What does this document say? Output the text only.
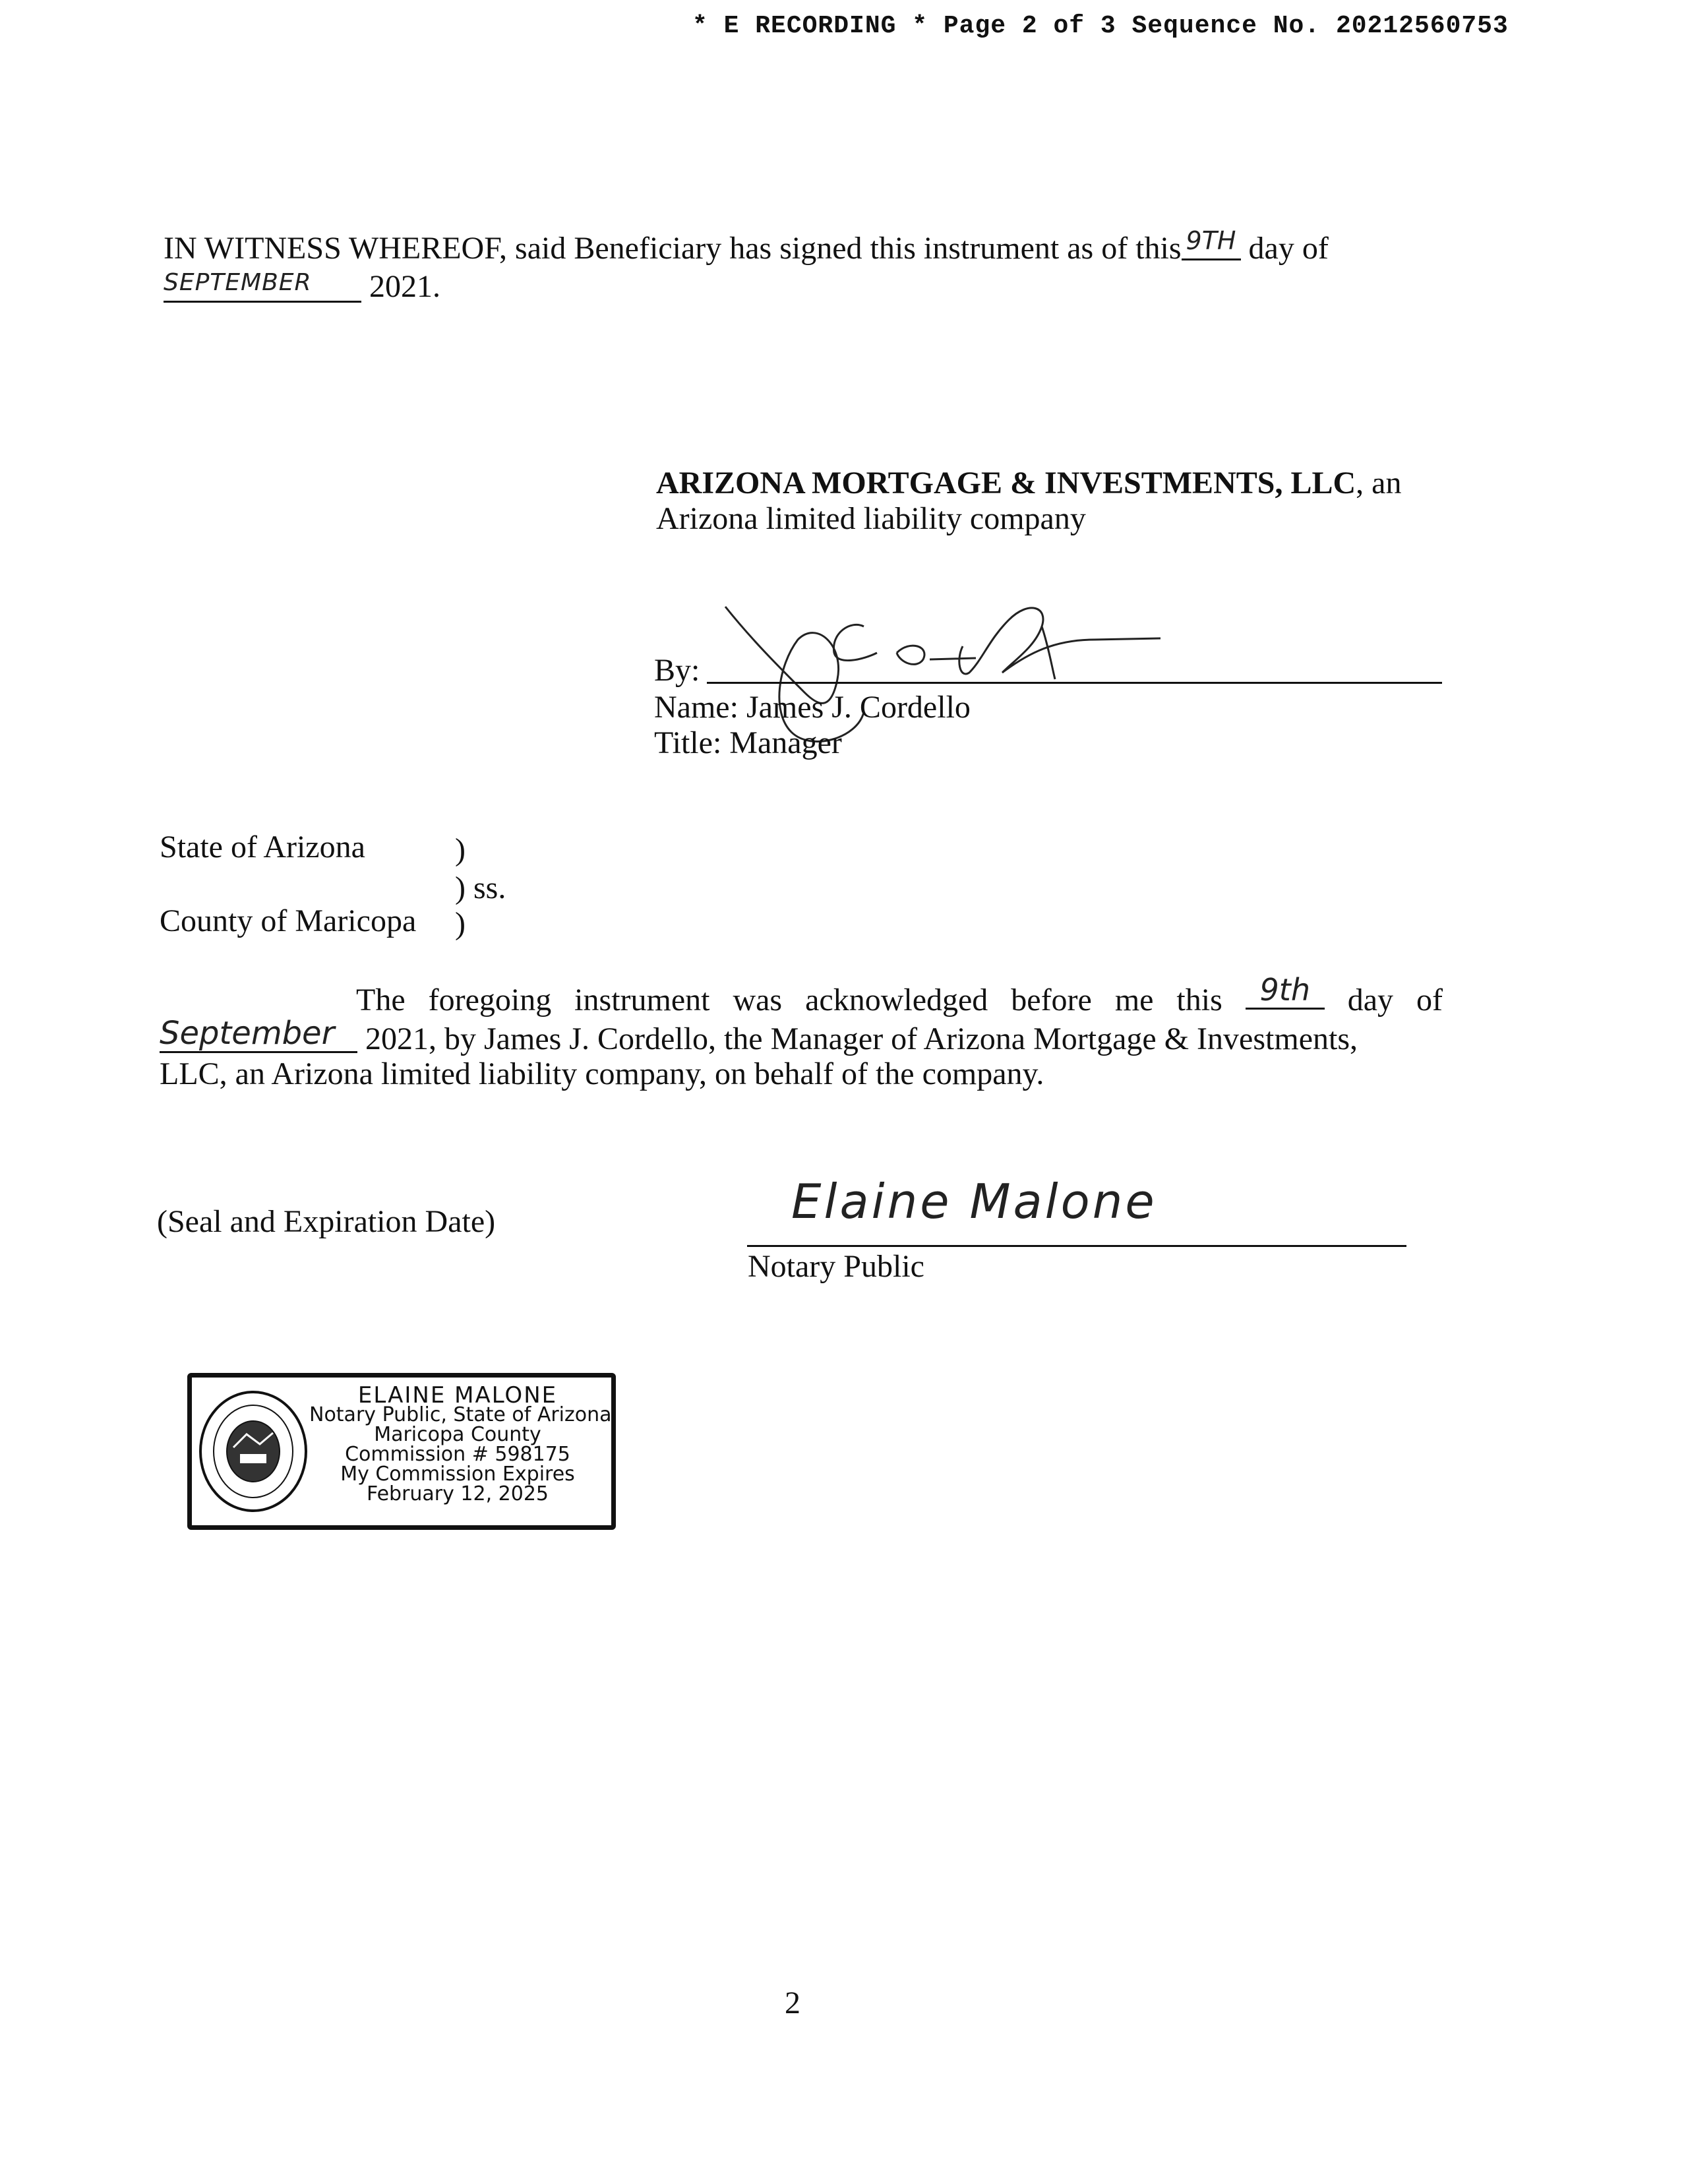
* E RECORDING * Page 2 of 3 Sequence No. 20212560753
IN WITNESS WHEREOF, said Beneficiary has signed this instrument as of this 9TH day of
SEPTEMBER 2021.
ARIZONA MORTGAGE & INVESTMENTS, LLC, an
Arizona limited liability company
By:
Name: James J. Cordello
Title: Manager
State of Arizona	)
) ss.
County of Maricopa )
The foregoing instrument was acknowledged before me this	9th	day of
September 2021, by James J. Cordello, the Manager of Arizona Mortgage & Investments,
LLC, an Arizona limited liability company, on behalf of the company.
(Seal and Expiration Date)	Elaine Malone
Notary Public
ELAINE MALONE
Notary Public, State of Arizona
Maricopa County
Commission # 598175
My Commission Expires
February 12, 2025
2
